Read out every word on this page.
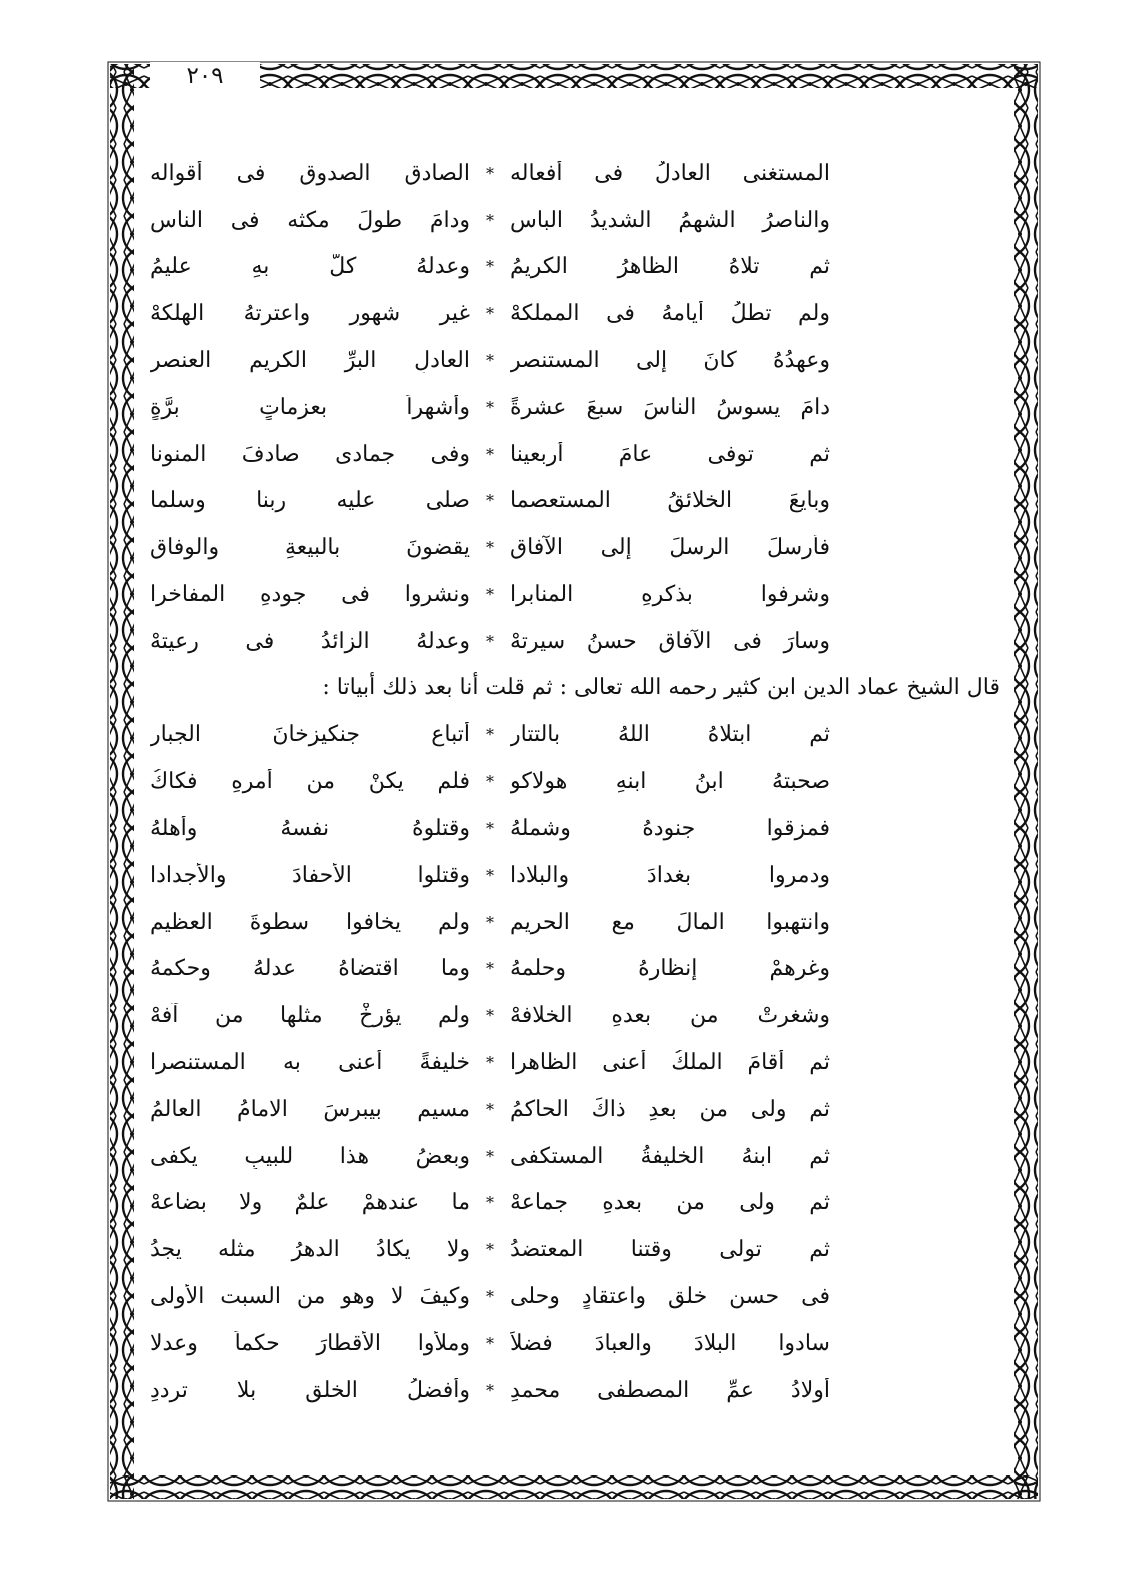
٢٠٩
المستغنى العادلُ فى أفعاله
*
الصادق الصدوق فى أقواله
والناصرُ الشهمُ الشديدُ الباس
*
ودامَ طولَ مكثه فى الناسِ
ثم تلاهُ الظاهرُ الكريمُ
*
وعدلهُ كلٌّ بهِ عليمُ
ولم تطلُ أيامهُ فى المملكهْ
*
غير شهورٍ واعترتهُ الهلكهْ
وعهدُهُ كانَ إلى المستنصرِ
*
العادلِ البرِّ الكريمِ العنصرِ
دامَ يسوسُ الناسَ سبعَ عشرةً
*
وأشهراً بعزماتٍ برَّةٍ
ثم توفى عامَ أربعينا
*
وفى جمادى صادفَ المنونا
وبايعَ الخلائقُ المستعصما
*
صلى عليه ربنا وسلما
فأرسلَ الرسلَ إلى الآفاقِ
*
يقضونَ بالبيعةِ والوفاقِ
وشرفوا بذكرهِ المنابرا
*
ونشروا فى جودهِ المفاخرا
وسارَ فى الآفاقِ حسنُ سيرتهْ
*
وعدلهُ الزائدُ فى رعيتهْ
قال الشيخ عماد الدين ابن كثير رحمه الله تعالى : ثم قلت أنا بعد ذلك أبياتا :
ثم ابتلاهُ اللهُ بالتتارِ
*
أتباعِ جنكيزخانَ الجبارِ
صحبتهُ ابنُ ابنهِ هولاكو
*
فلم يكنْ من أمرهِ فكاكُ
فمزقوا جنودهُ وشملهُ
*
وقتلوهُ نفسهُ وأهلهُ
ودمروا بغدادَ والبلادا
*
وقتلوا الأحفادَ والأجدادا
وانتهبوا المالَ مع الحريمِ
*
ولم يخافوا سطوةَ العظيمِ
وغرهمْ إنظارهُ وحلمهُ
*
وما اقتضاهُ عدلهُ وحكمهُ
وشغرتْ من بعدهِ الخلافهْ
*
ولم يؤرخْ مثلها من آفهْ
ثم أقامَ الملكُ أعنى الظاهرا
*
خليفةً أعنى به المستنصرا
ثم ولى من بعدِ ذاكَ الحاكمُ
*
مسيم بيبرسَ الامامُ العالمُ
ثم ابنهُ الخليفةُ المستكفى
*
وبعضُ هذا للبيبِ يكفى
ثم ولى من بعدهِ جماعهْ
*
ما عندهمْ علمٌ ولا بضاعهْ
ثم تولى وقتنا المعتضدُ
*
ولا يكادُ الدهرُ مثله يجدُ
فى حسنِ خلقٍ واعتقادٍ وحلى
*
وكيفَ لا وهو من السبت الأولى
سادوا البلادَ والعبادَ فضلاً
*
وملأوا الأقطارَ حكماً وعدلا
أولادُ عمِّ المصطفى محمدِ
*
وأفضلُ الخلقِ بلا ترددِ
